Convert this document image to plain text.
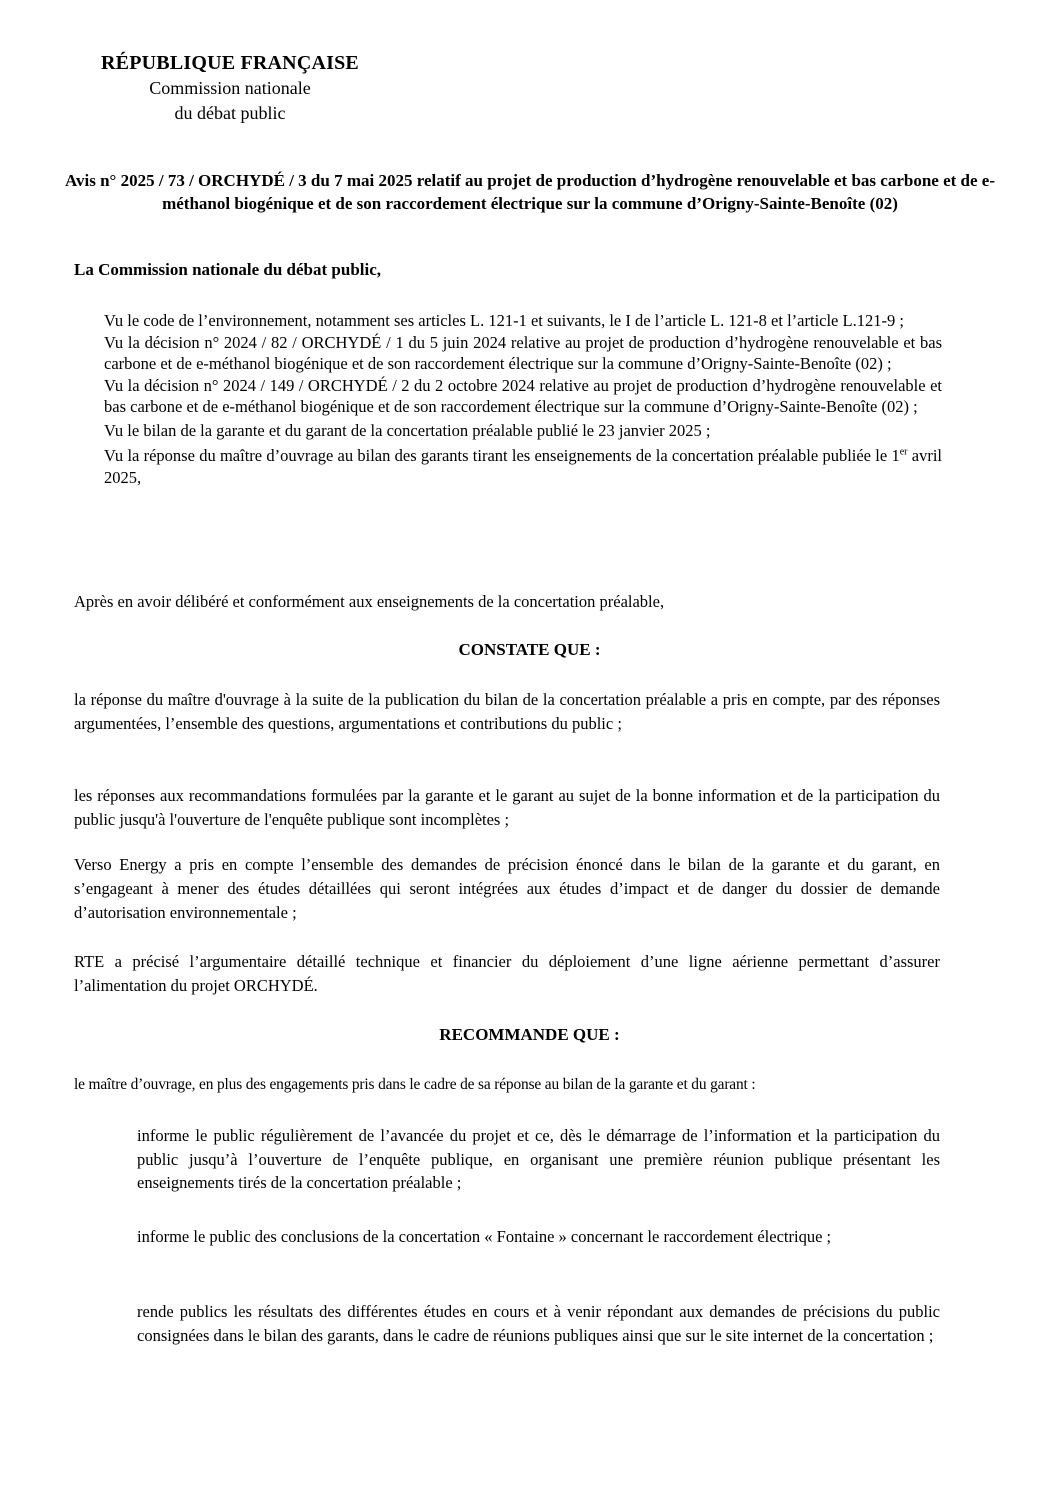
RÉPUBLIQUE FRANÇAISE
Commission nationale
du débat public
Avis n° 2025 / 73 / ORCHYDÉ / 3 du 7 mai 2025 relatif au projet de production d’hydrogène renouvelable et bas carbone et de e-méthanol biogénique et de son raccordement électrique sur la commune d’Origny-Sainte-Benoîte (02)
La Commission nationale du débat public,

Vu le code de l’environnement, notamment ses articles L. 121-1 et suivants, le I de l’article L. 121-8 et l’article L.121-9 ;

Vu la décision n° 2024 / 82 / ORCHYDÉ / 1 du 5 juin 2024 relative au projet de production d’hydrogène renouvelable et bas carbone et de e-méthanol biogénique et de son raccordement électrique sur la commune d’Origny-Sainte-Benoîte (02) ;

Vu la décision n° 2024 / 149 / ORCHYDÉ / 2 du 2 octobre 2024 relative au projet de production d’hydrogène renouvelable et bas carbone et de e-méthanol biogénique et de son raccordement électrique sur la commune d’Origny-Sainte-Benoîte (02) ;

Vu le bilan de la garante et du garant de la concertation préalable publié le 23 janvier 2025 ;

Vu la réponse du maître d’ouvrage au bilan des garants tirant les enseignements de la concertation préalable publiée le 1er avril 2025,

Après en avoir délibéré et conformément aux enseignements de la concertation préalable,
CONSTATE QUE :

la réponse du maître d'ouvrage à la suite de la publication du bilan de la concertation préalable a pris en compte, par des réponses argumentées, l’ensemble des questions, argumentations et contributions du public ;

les réponses aux recommandations formulées par la garante et le garant au sujet de la bonne information et de la participation du public jusqu'à l'ouverture de l'enquête publique sont incomplètes ;

Verso Energy a pris en compte l’ensemble des demandes de précision énoncé dans le bilan de la garante et du garant, en s’engageant à mener des études détaillées qui seront intégrées aux études d’impact et de danger du dossier de demande d’autorisation environnementale ;

RTE a précisé l’argumentaire détaillé technique et financier du déploiement d’une ligne aérienne permettant d’assurer l’alimentation du projet ORCHYDÉ.

RECOMMANDE QUE :
le maître d’ouvrage, en plus des engagements pris dans le cadre de sa réponse au bilan de la garante et du garant :

informe le public régulièrement de l’avancée du projet et ce, dès le démarrage de l’information et la participation du public jusqu’à l’ouverture de l’enquête publique, en organisant une première réunion publique présentant les enseignements tirés de la concertation préalable ;

informe le public des conclusions de la concertation « Fontaine » concernant le raccordement électrique ;

rende publics les résultats des différentes études en cours et à venir répondant aux demandes de précisions du public consignées dans le bilan des garants, dans le cadre de réunions publiques ainsi que sur le site internet de la concertation ;
